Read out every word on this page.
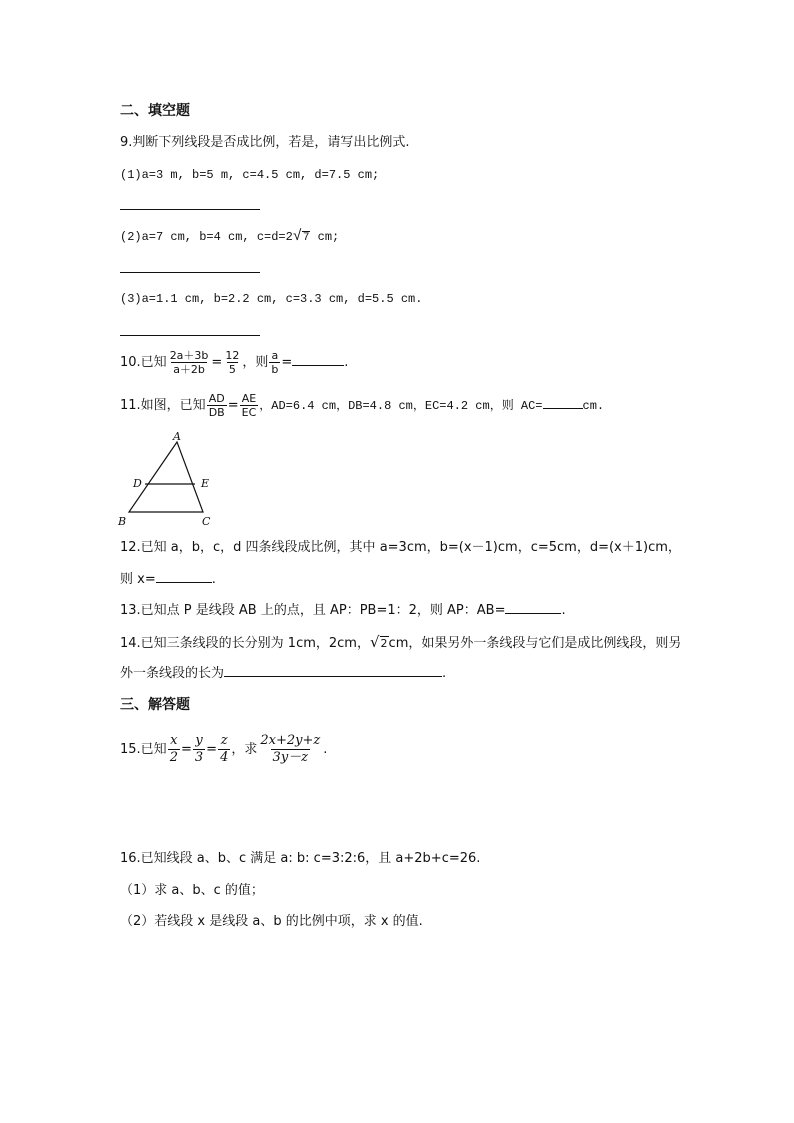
二、填空题
9.判断下列线段是否成比例，若是，请写出比例式.
(1)a=3 m, b=5 m, c=4.5 cm, d=7.5 cm;
(2)a=7 cm, b=4 cm, c=d=2√7 cm;
(3)a=1.1 cm, b=2.2 cm, c=3.3 cm, d=5.5 cm.
10.已知 $\frac{2a+3b}{a+2b} = \frac{12}{5}$ ，则 $\frac{a}{b}$ =	.
11.如图，已知 $\frac{AD}{DB} = \frac{AE}{EC}$ ，AD=6.4 cm，DB=4.8 cm，EC=4.2 cm，则 AC=	cm.
A
B	C
D	E
12.已知 a，b，c，d 四条线段成比例，其中 a=3cm，b=(x－1)cm，c=5cm，d=(x＋1)cm，
则 x=	.
13.已知点 P 是线段 AB 上的点，且 AP：PB=1：2，则 AP：AB=	.
14.已知三条线段的长分别为 1cm，2cm，√2cm，如果另外一条线段与它们是成比例线段，则另
外一条线段的长为	.
三、解答题
15.已知 $\frac{x}{2} = \frac{y}{3} = \frac{z}{4}$ ，求 $\frac{2x+2y+z}{3y-z}$ .
16.已知线段 a、b、c 满足 a: b: c=3:2:6，且 a+2b+c=26.
（1）求 a、b、c 的值；
（2）若线段 x 是线段 a、b 的比例中项，求 x 的值.
